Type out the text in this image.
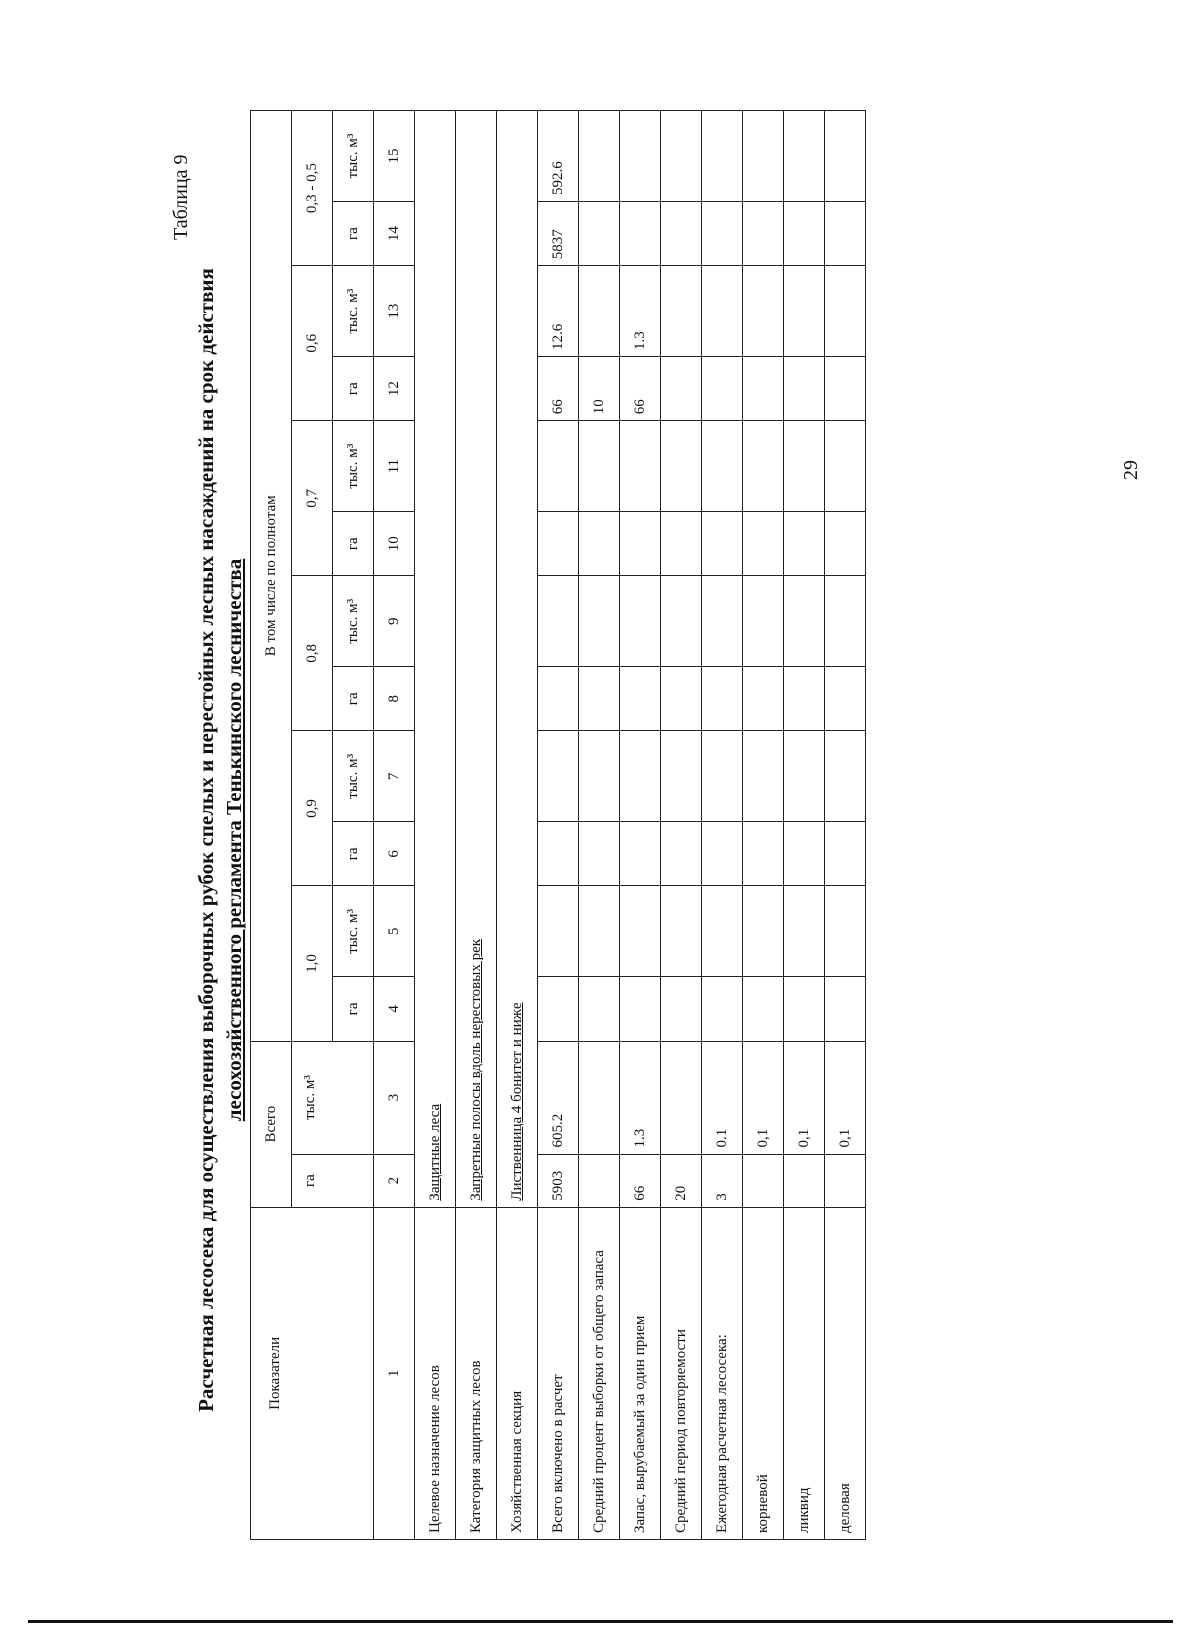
Таблица 9
Расчетная лесосека для осуществления выборочных рубок спелых и перестойных лесных насаждений на срок действия лесохозяйственного регламента Тенькинского лесничества
Показатели	Всего		В том числе по полнотам											
	га	тыс. м³	1,0		0,9		0,8		0,7		0,6		0,3 - 0,5	
			га	тыс. м³	га	тыс. м³	га	тыс. м³	га	тыс. м³	га	тыс. м³	га	тыс. м³
1	2	3	4	5	6	7	8	9	10	11	12	13	14	15
Целевое назначение лесов	Защитные леса													
Категория защитных лесов	Запретные полосы вдоль нерестовых рек													
Хозяйственная секция	Лиственница 4 бонитет и ниже													
Всего включено в расчет	5903	605.2									66	12.6	5837	592.6
Средний процент выборки от общего запаса											10			
Запас, вырубаемый за один прием	66	1.3									66	1.3		
Средний период повторяемости	20													
Ежегодная расчетная лесосека:	3	0.1												
корневой		0,1												
ликвид		0,1												
деловая		0,1												
29
